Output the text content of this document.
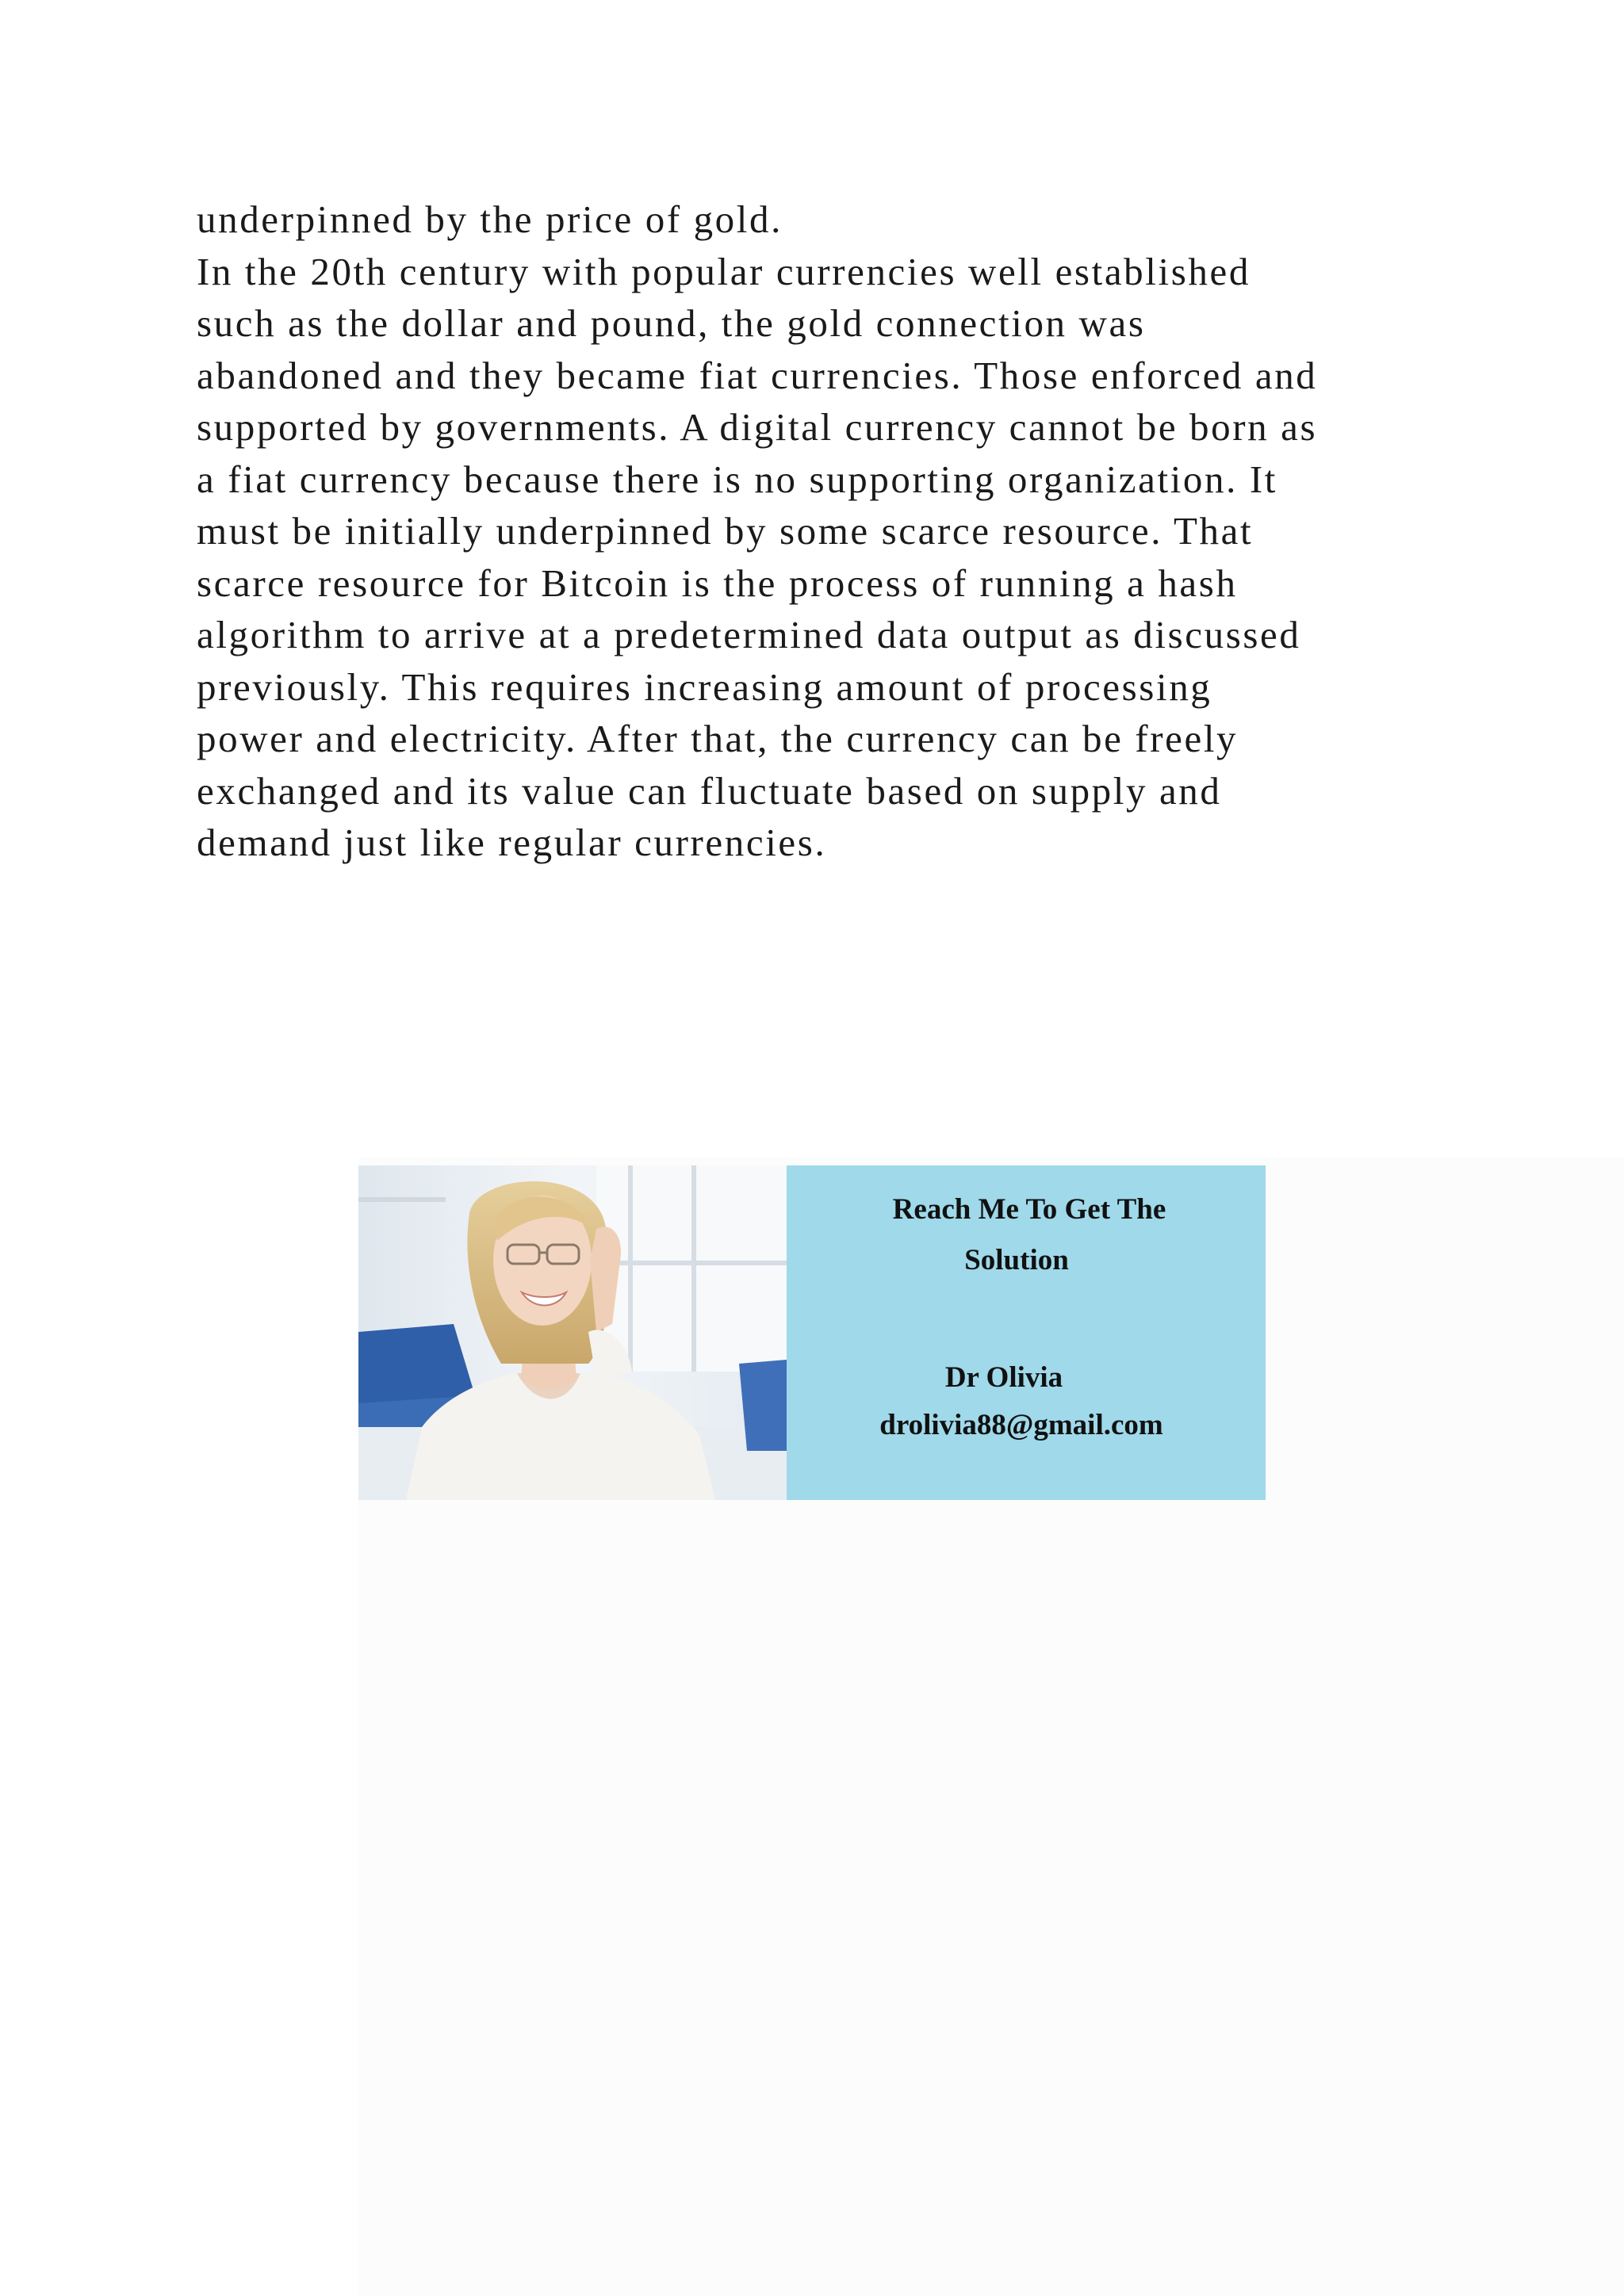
underpinned by the price of gold.
In the 20th century with popular currencies well established
such as the dollar and pound, the gold connection was
abandoned and they became fiat currencies. Those enforced and
supported by governments. A digital currency cannot be born as
a fiat currency because there is no supporting organization. It
must be initially underpinned by some scarce resource. That
scarce resource for Bitcoin is the process of running a hash
algorithm to arrive at a predetermined data output as discussed
previously. This requires increasing amount of processing
power and electricity. After that, the currency can be freely
exchanged and its value can fluctuate based on supply and
demand just like regular currencies.

Reach Me To Get The
Solution
Dr Olivia
drolivia88@gmail.com
